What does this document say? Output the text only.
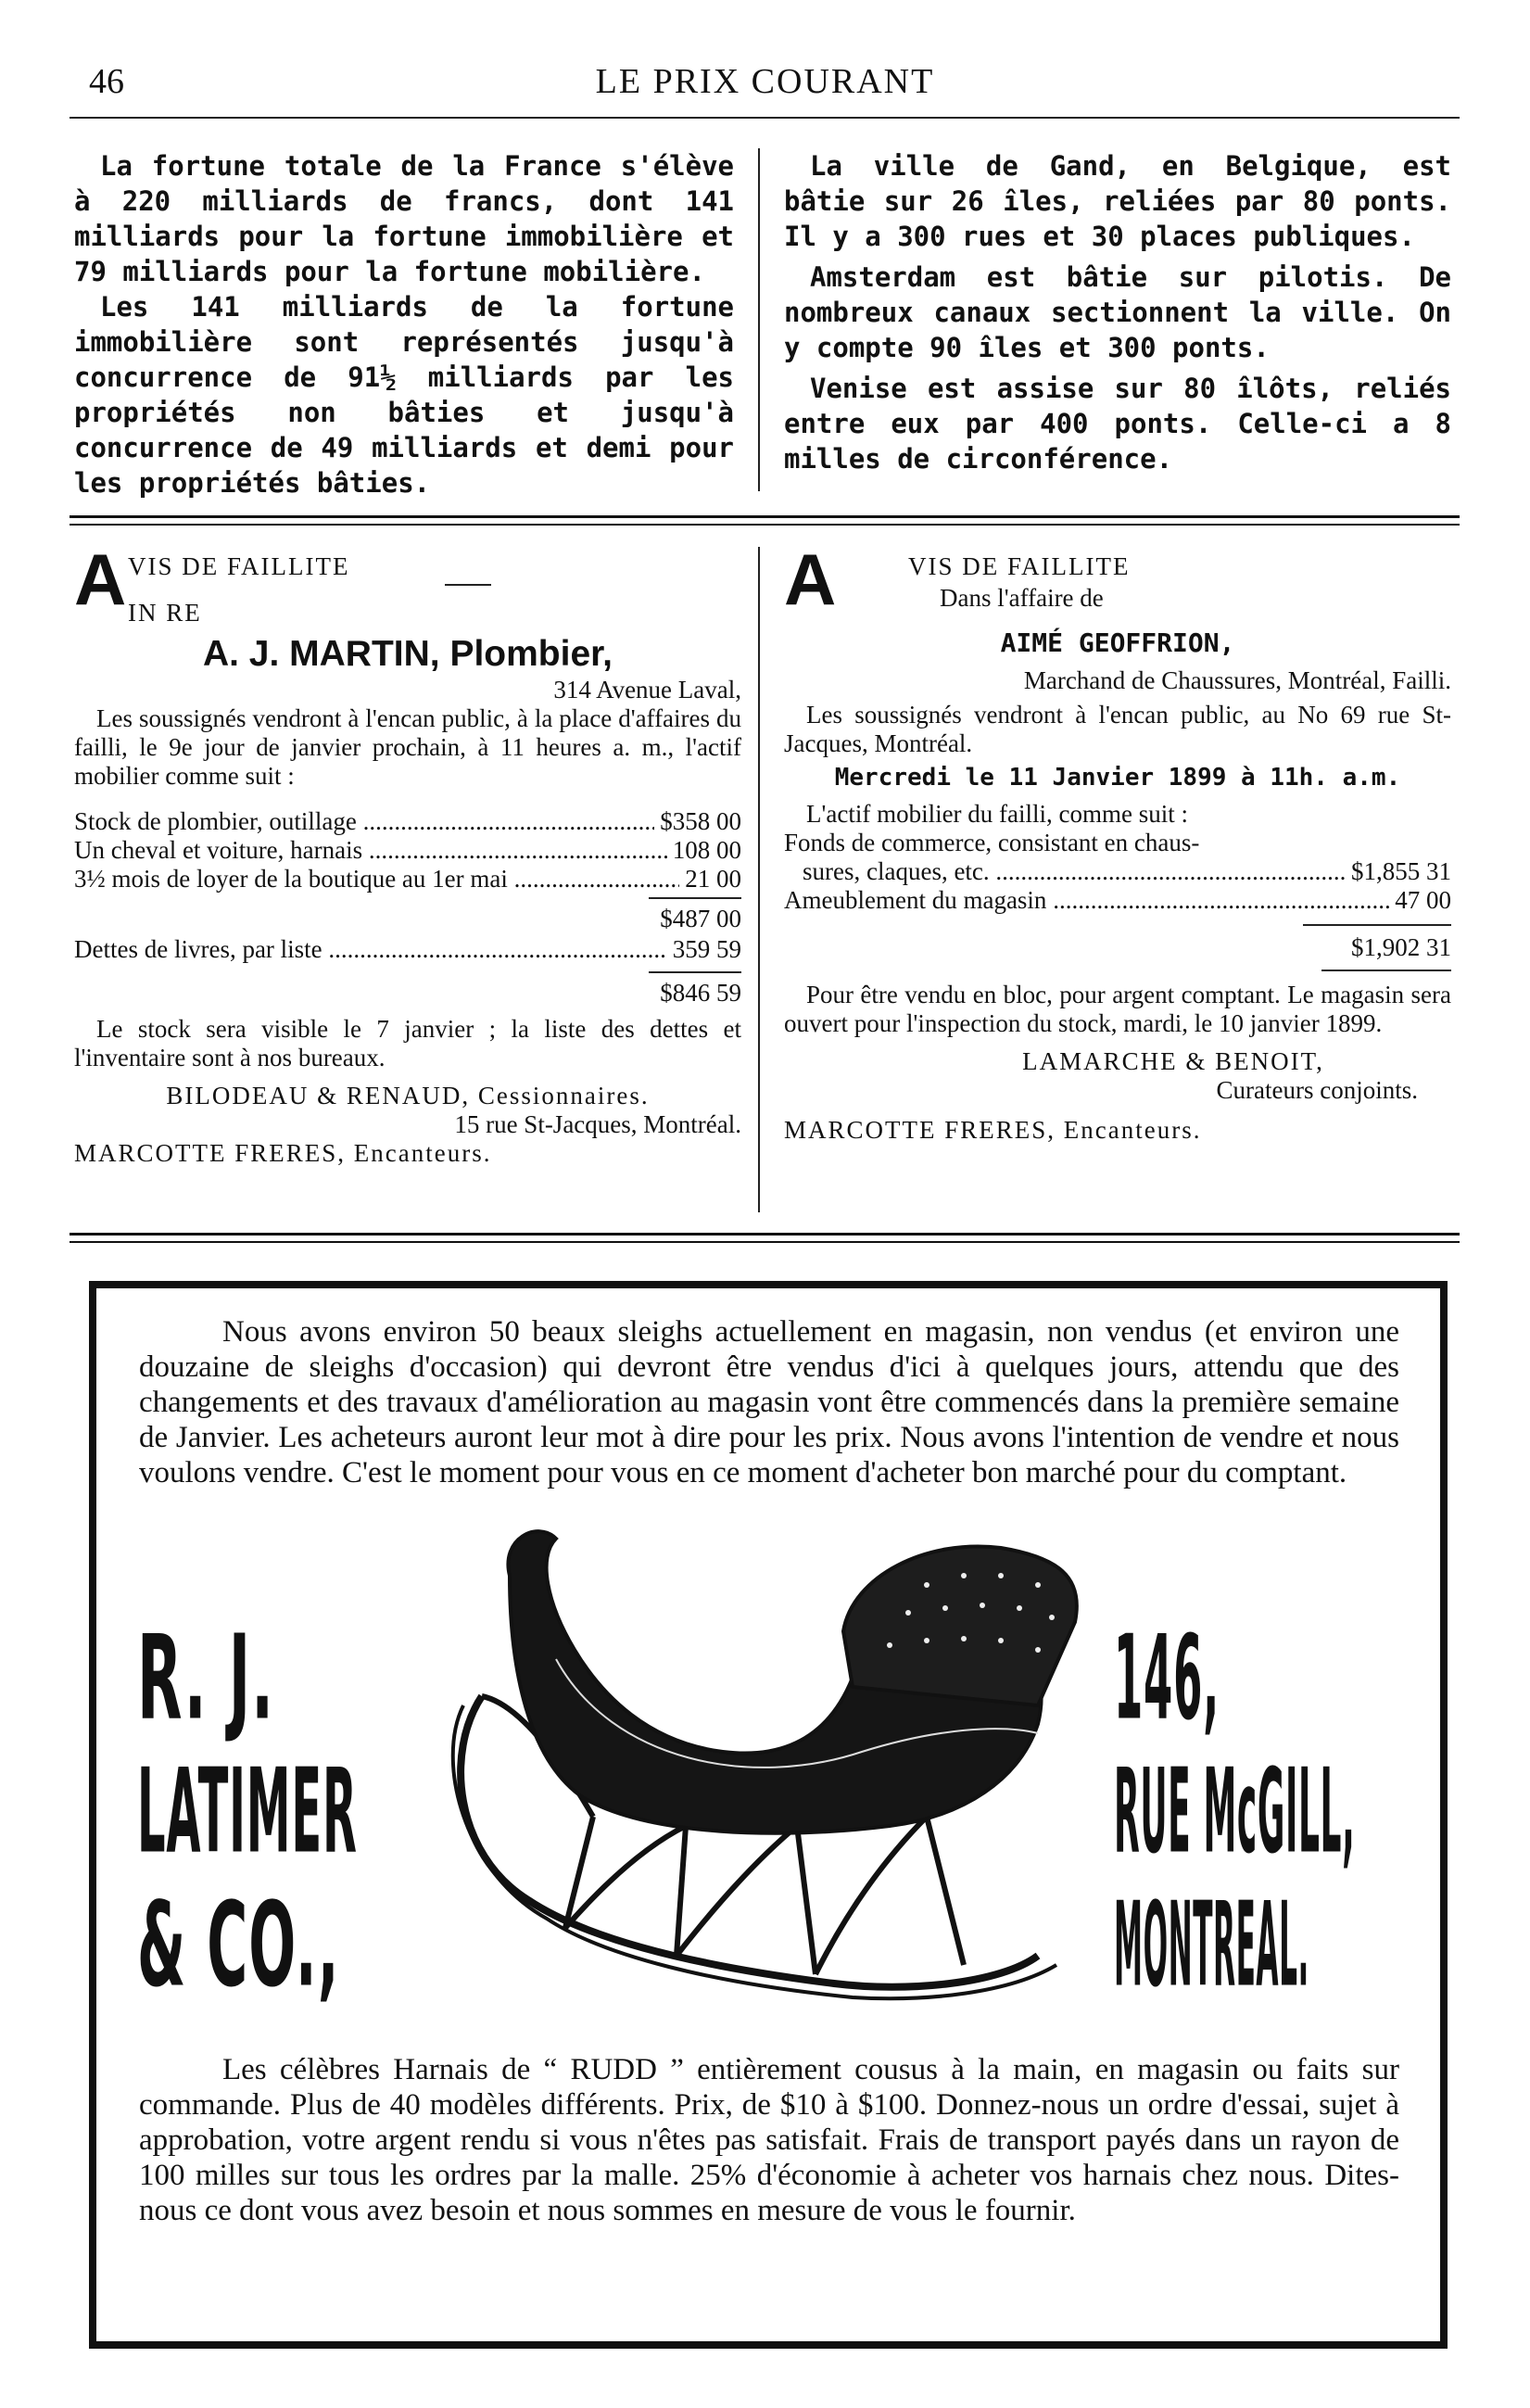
46	LE PRIX COURANT

La fortune totale de la France s'élève à 220 milliards de francs, dont 141 milliards pour la fortune immobilière et 79 milliards pour la fortune mobilière.

Les 141 milliards de la fortune immobilière sont représentés jusqu'à concurrence de 91½ milliards par les propriétés non bâties et jusqu'à concurrence de 49 milliards et demi pour les propriétés bâties.

La ville de Gand, en Belgique, est bâtie sur 26 îles, reliées par 80 ponts. Il y a 300 rues et 30 places publiques.

Amsterdam est bâtie sur pilotis. De nombreux canaux sectionnent la ville. On y compte 90 îles et 300 ponts.

Venise est assise sur 80 îlôts, reliés entre eux par 400 ponts. Celle-ci a 8 milles de circonférence.

A VIS DE FAILLITE
IN RE
A. J. MARTIN, Plombier,
314 Avenue Laval,
Les soussignés vendront à l'encan public, à la place d'affaires du failli, le 9e jour de janvier prochain, à 11 heures a. m., l'actif mobilier comme suit :
Stock de plombier, outillage .....	$358 00
Un cheval et voiture, harnais .....	108 00
3½ mois de loyer de la boutique au 1er mai .....	21 00
$487 00
Dettes de livres, par liste .....	359 59
$846 59
Le stock sera visible le 7 janvier ; la liste des dettes et l'inventaire sont à nos bureaux.
BILODEAU & RENAUD, Cessionnaires.
15 rue St-Jacques, Montréal.
MARCOTTE FRERES, Encanteurs.
A	VIS DE FAILLITE
Dans l'affaire de
AIMÉ GEOFFRION,
Marchand de Chaussures, Montréal, Failli.
Les soussignés vendront à l'encan public, au No 69 rue St-Jacques, Montréal.
Mercredi le 11 Janvier 1899 à 11h. a.m.
L'actif mobilier du failli, comme suit :
Fonds de commerce, consistant en chaus-
sures, claques, etc. .....	$1,855 31
Ameublement du magasin .....	47 00
$1,902 31
Pour être vendu en bloc, pour argent comptant. Le magasin sera ouvert pour l'inspection du stock, mardi, le 10 janvier 1899.
LAMARCHE & BENOIT,
Curateurs conjoints.
MARCOTTE FRERES, Encanteurs.
Nous avons environ 50 beaux sleighs actuellement en magasin, non vendus (et environ une douzaine de sleighs d'occasion) qui devront être vendus d'ici à quelques jours, attendu que des changements et des travaux d'amélioration au magasin vont être commencés dans la première semaine de Janvier. Les acheteurs auront leur mot à dire pour les prix. Nous avons l'intention de vendre et nous voulons vendre. C'est le moment pour vous en ce moment d'acheter bon marché pour du comptant.
R. J.
LATIMER
& CO.,
146,
RUE McGILL,
MONTREAL.
Les célèbres Harnais de “ RUDD ” entièrement cousus à la main, en magasin ou faits sur commande. Plus de 40 modèles différents. Prix, de $10 à $100. Donnez-nous un ordre d'essai, sujet à approbation, votre argent rendu si vous n'êtes pas satisfait. Frais de transport payés dans un rayon de 100 milles sur tous les ordres par la malle. 25% d'économie à acheter vos harnais chez nous. Dites-nous ce dont vous avez besoin et nous sommes en mesure de vous le fournir.
